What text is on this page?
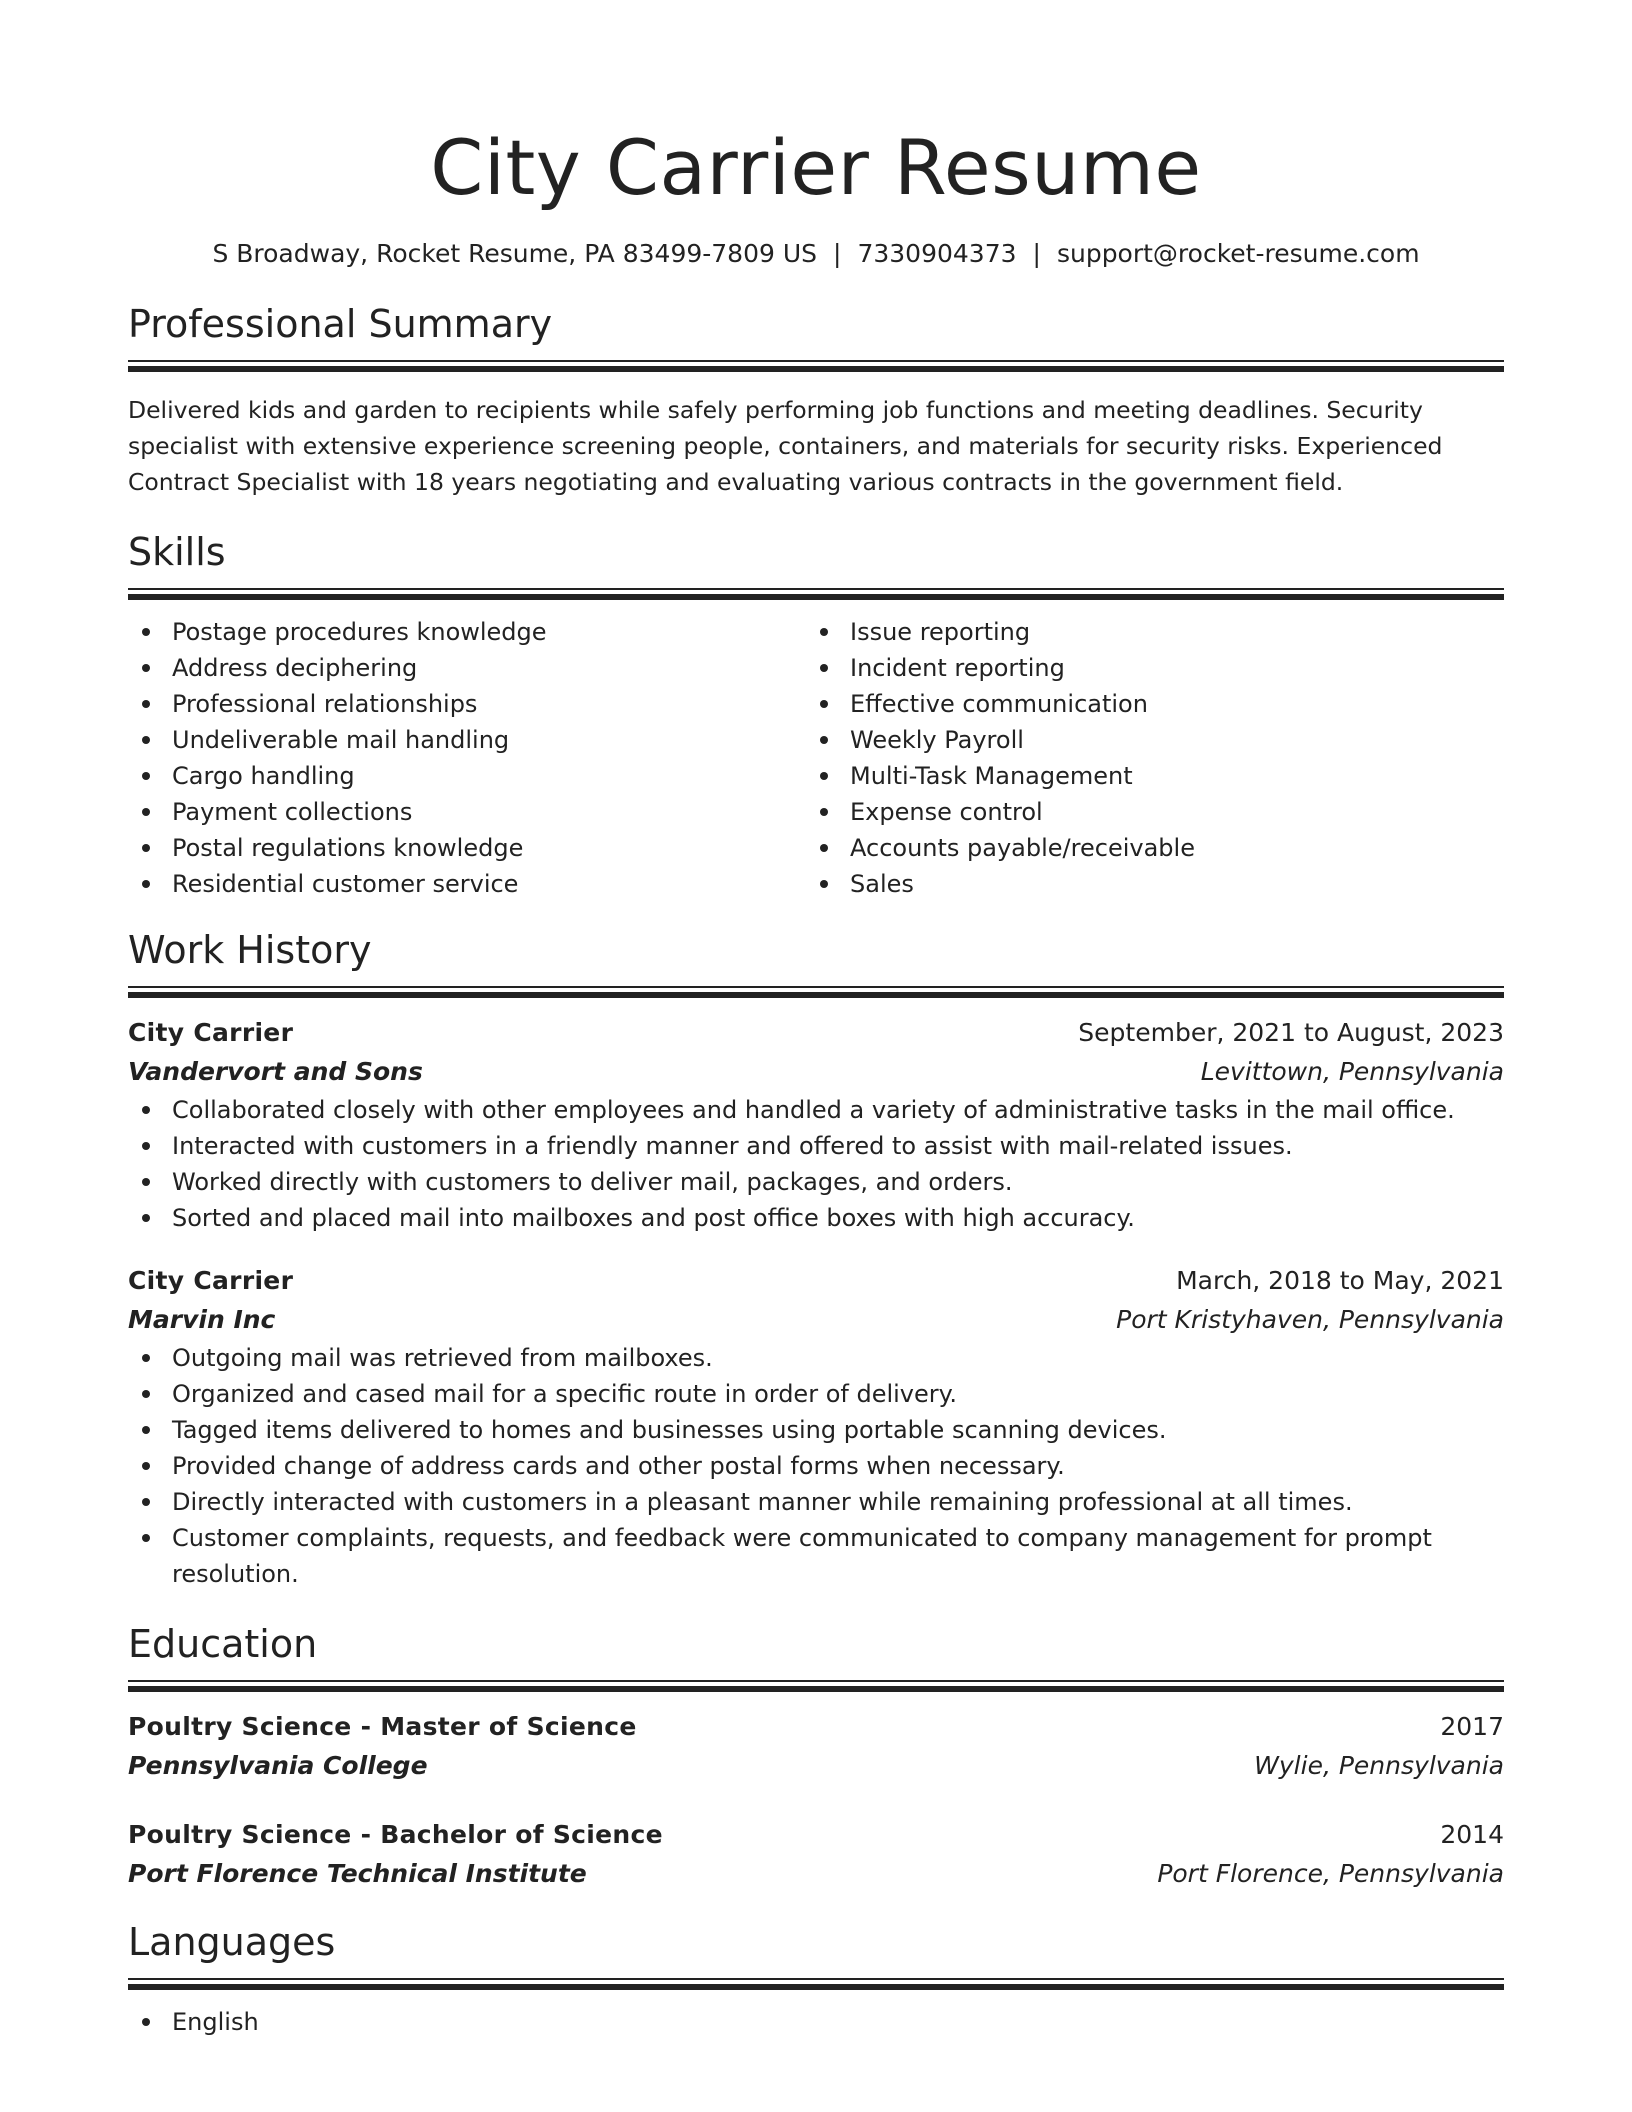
City Carrier Resume
S Broadway, Rocket Resume, PA 83499-7809 US | 7330904373 | support@rocket-resume.com
Professional Summary
Delivered kids and garden to recipients while safely performing job functions and meeting deadlines. Security specialist with extensive experience screening people, containers, and materials for security risks. Experienced Contract Specialist with 18 years negotiating and evaluating various contracts in the government field.
Skills
Postage procedures knowledge
Address deciphering
Professional relationships
Undeliverable mail handling
Cargo handling
Payment collections
Postal regulations knowledge
Residential customer service
Issue reporting
Incident reporting
Effective communication
Weekly Payroll
Multi-Task Management
Expense control
Accounts payable/receivable
Sales
Work History
City Carrier	September, 2021 to August, 2023
Vandervort and Sons	Levittown, Pennsylvania
Collaborated closely with other employees and handled a variety of administrative tasks in the mail office.
Interacted with customers in a friendly manner and offered to assist with mail-related issues.
Worked directly with customers to deliver mail, packages, and orders.
Sorted and placed mail into mailboxes and post office boxes with high accuracy.
City Carrier	March, 2018 to May, 2021
Marvin Inc	Port Kristyhaven, Pennsylvania
Outgoing mail was retrieved from mailboxes.
Organized and cased mail for a specific route in order of delivery.
Tagged items delivered to homes and businesses using portable scanning devices.
Provided change of address cards and other postal forms when necessary.
Directly interacted with customers in a pleasant manner while remaining professional at all times.
Customer complaints, requests, and feedback were communicated to company management for prompt resolution.
Education
Poultry Science - Master of Science	2017
Pennsylvania College	Wylie, Pennsylvania
Poultry Science - Bachelor of Science	2014
Port Florence Technical Institute	Port Florence, Pennsylvania
Languages
English
